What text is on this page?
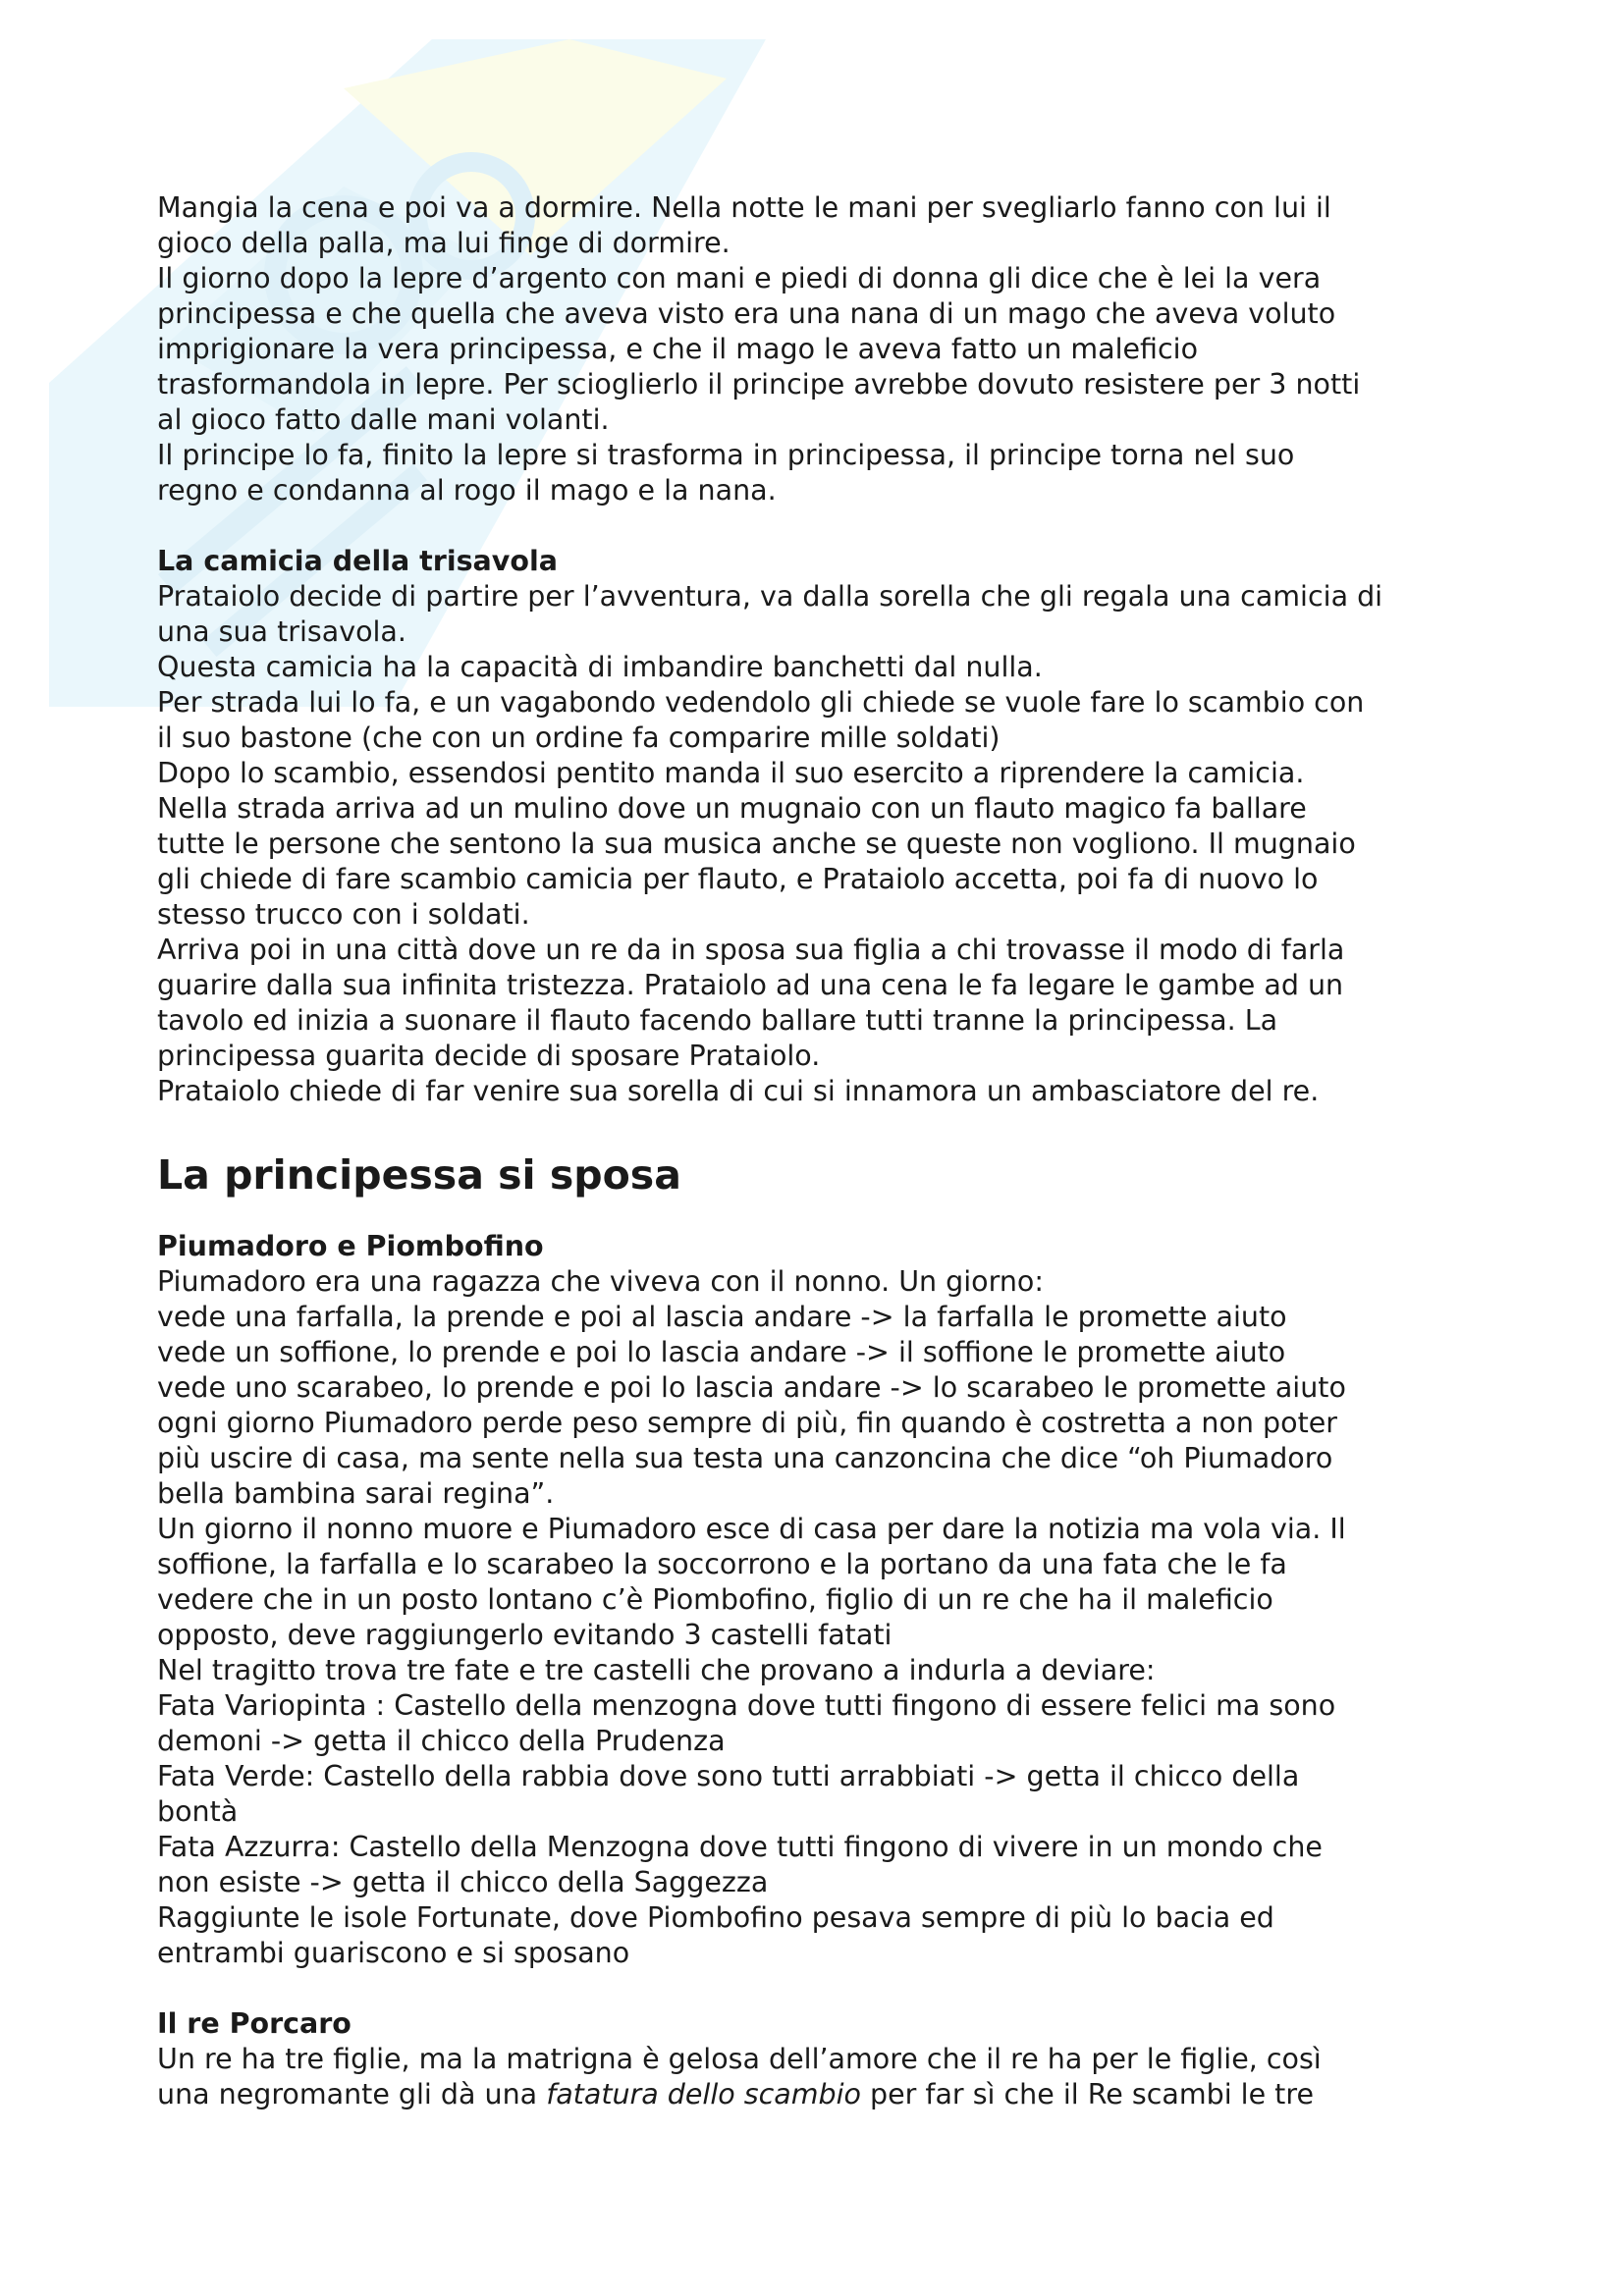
Mangia la cena e poi va a dormire. Nella notte le mani per svegliarlo fanno con lui il

gioco della palla, ma lui finge di dormire.

Il giorno dopo la lepre d’argento con mani e piedi di donna gli dice che è lei la vera

principessa e che quella che aveva visto era una nana di un mago che aveva voluto

imprigionare la vera principessa, e che il mago le aveva fatto un maleficio

trasformandola in lepre. Per scioglierlo il principe avrebbe dovuto resistere per 3 notti

al gioco fatto dalle mani volanti.

Il principe lo fa, finito la lepre si trasforma in principessa, il principe torna nel suo

regno e condanna al rogo il mago e la nana.

La camicia della trisavola

Prataiolo decide di partire per l’avventura, va dalla sorella che gli regala una camicia di

una sua trisavola.

Questa camicia ha la capacità di imbandire banchetti dal nulla.

Per strada lui lo fa, e un vagabondo vedendolo gli chiede se vuole fare lo scambio con

il suo bastone (che con un ordine fa comparire mille soldati)

Dopo lo scambio, essendosi pentito manda il suo esercito a riprendere la camicia.

Nella strada arriva ad un mulino dove un mugnaio con un flauto magico fa ballare

tutte le persone che sentono la sua musica anche se queste non vogliono. Il mugnaio

gli chiede di fare scambio camicia per flauto, e Prataiolo accetta, poi fa di nuovo lo

stesso trucco con i soldati.

Arriva poi in una città dove un re da in sposa sua figlia a chi trovasse il modo di farla

guarire dalla sua infinita tristezza. Prataiolo ad una cena le fa legare le gambe ad un

tavolo ed inizia a suonare il flauto facendo ballare tutti tranne la principessa. La

principessa guarita decide di sposare Prataiolo.

Prataiolo chiede di far venire sua sorella di cui si innamora un ambasciatore del re.

La principessa si sposa
Piumadoro e Piombofino

Piumadoro era una ragazza che viveva con il nonno. Un giorno:

vede una farfalla, la prende e poi al lascia andare -> la farfalla le promette aiuto

vede un soffione, lo prende e poi lo lascia andare -> il soffione le promette aiuto

vede uno scarabeo, lo prende e poi lo lascia andare -> lo scarabeo le promette aiuto

ogni giorno Piumadoro perde peso sempre di più, fin quando è costretta a non poter

più uscire di casa, ma sente nella sua testa una canzoncina che dice “oh Piumadoro

bella bambina sarai regina”.

Un giorno il nonno muore e Piumadoro esce di casa per dare la notizia ma vola via. Il

soffione, la farfalla e lo scarabeo la soccorrono e la portano da una fata che le fa

vedere che in un posto lontano c’è Piombofino, figlio di un re che ha il maleficio

opposto, deve raggiungerlo evitando 3 castelli fatati

Nel tragitto trova tre fate e tre castelli che provano a indurla a deviare:

Fata Variopinta : Castello della menzogna dove tutti fingono di essere felici ma sono

demoni -> getta il chicco della Prudenza

Fata Verde: Castello della rabbia dove sono tutti arrabbiati -> getta il chicco della

bontà

Fata Azzurra: Castello della Menzogna dove tutti fingono di vivere in un mondo che

non esiste -> getta il chicco della Saggezza

Raggiunte le isole Fortunate, dove Piombofino pesava sempre di più lo bacia ed

entrambi guariscono e si sposano

Il re Porcaro

Un re ha tre figlie, ma la matrigna è gelosa dell’amore che il re ha per le figlie, così

una negromante gli dà una fatatura dello scambio per far sì che il Re scambi le tre
